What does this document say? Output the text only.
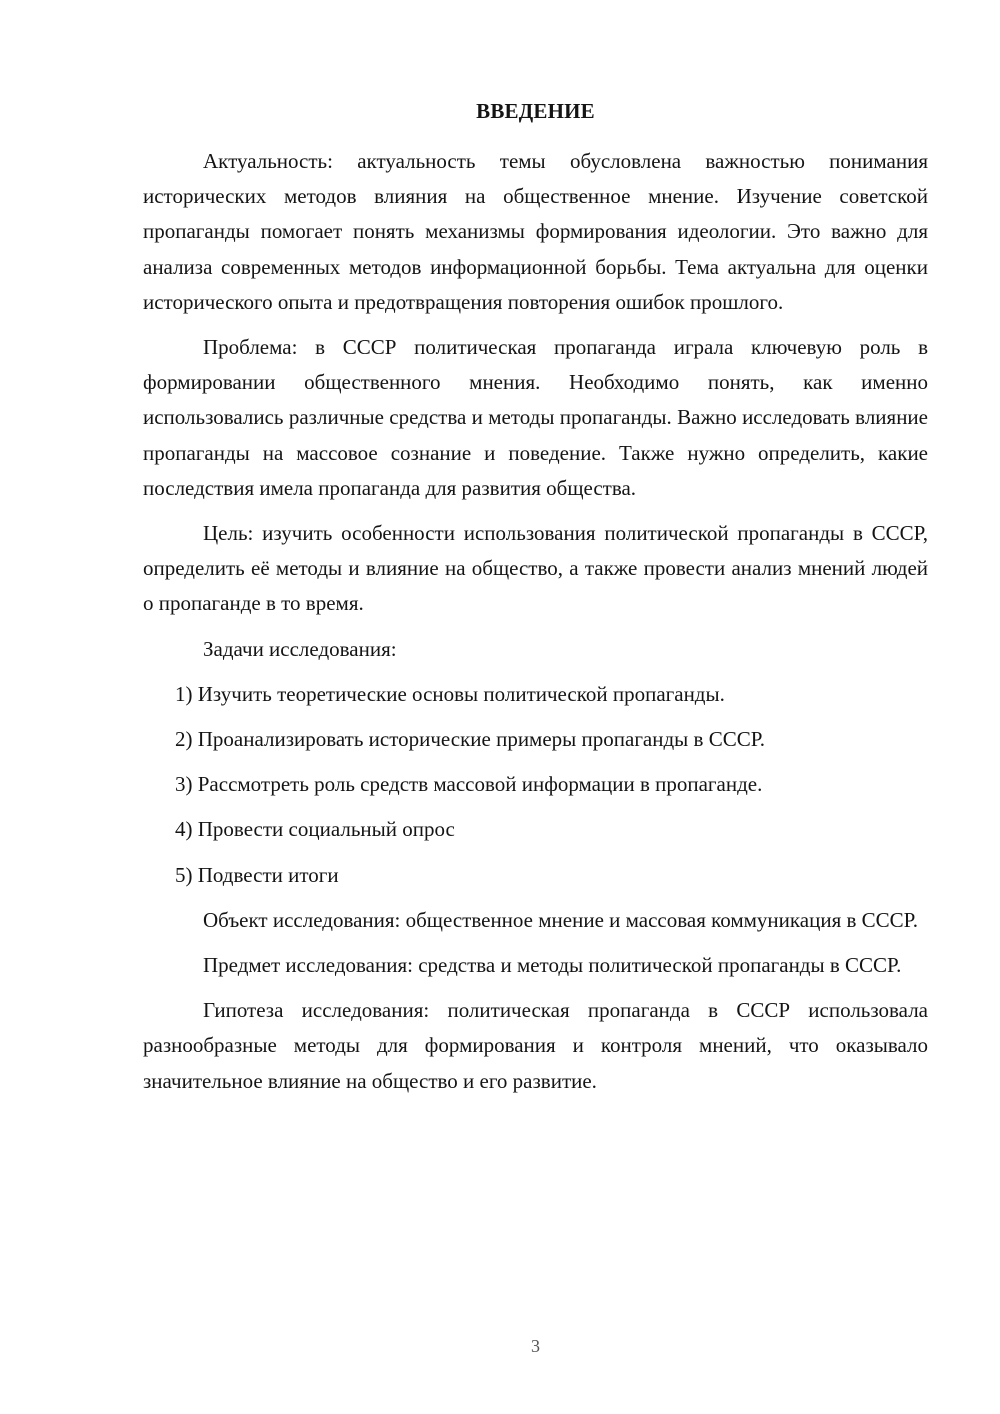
ВВЕДЕНИЕ

Актуальность: актуальность темы обусловлена важностью понимания исторических методов влияния на общественное мнение. Изучение советской пропаганды помогает понять механизмы формирования идеологии. Это важно для анализа современных методов информационной борьбы. Тема актуальна для оценки исторического опыта и предотвращения повторения ошибок прошлого.

Проблема: в СССР политическая пропаганда играла ключевую роль в формировании общественного мнения. Необходимо понять, как именно использовались различные средства и методы пропаганды. Важно исследовать влияние пропаганды на массовое сознание и поведение. Также нужно определить, какие последствия имела пропаганда для развития общества.

Цель: изучить особенности использования политической пропаганды в СССР, определить её методы и влияние на общество, а также провести анализ мнений людей о пропаганде в то время.

Задачи исследования:

1) Изучить теоретические основы политической пропаганды.
2) Проанализировать исторические примеры пропаганды в СССР.
3) Рассмотреть роль средств массовой информации в пропаганде.
4) Провести социальный опрос
5) Подвести итоги

Объект исследования: общественное мнение и массовая коммуникация в СССР.

Предмет исследования: средства и методы политической пропаганды в СССР.

Гипотеза исследования: политическая пропаганда в СССР использовала разнообразные методы для формирования и контроля мнений, что оказывало значительное влияние на общество и его развитие.

3
